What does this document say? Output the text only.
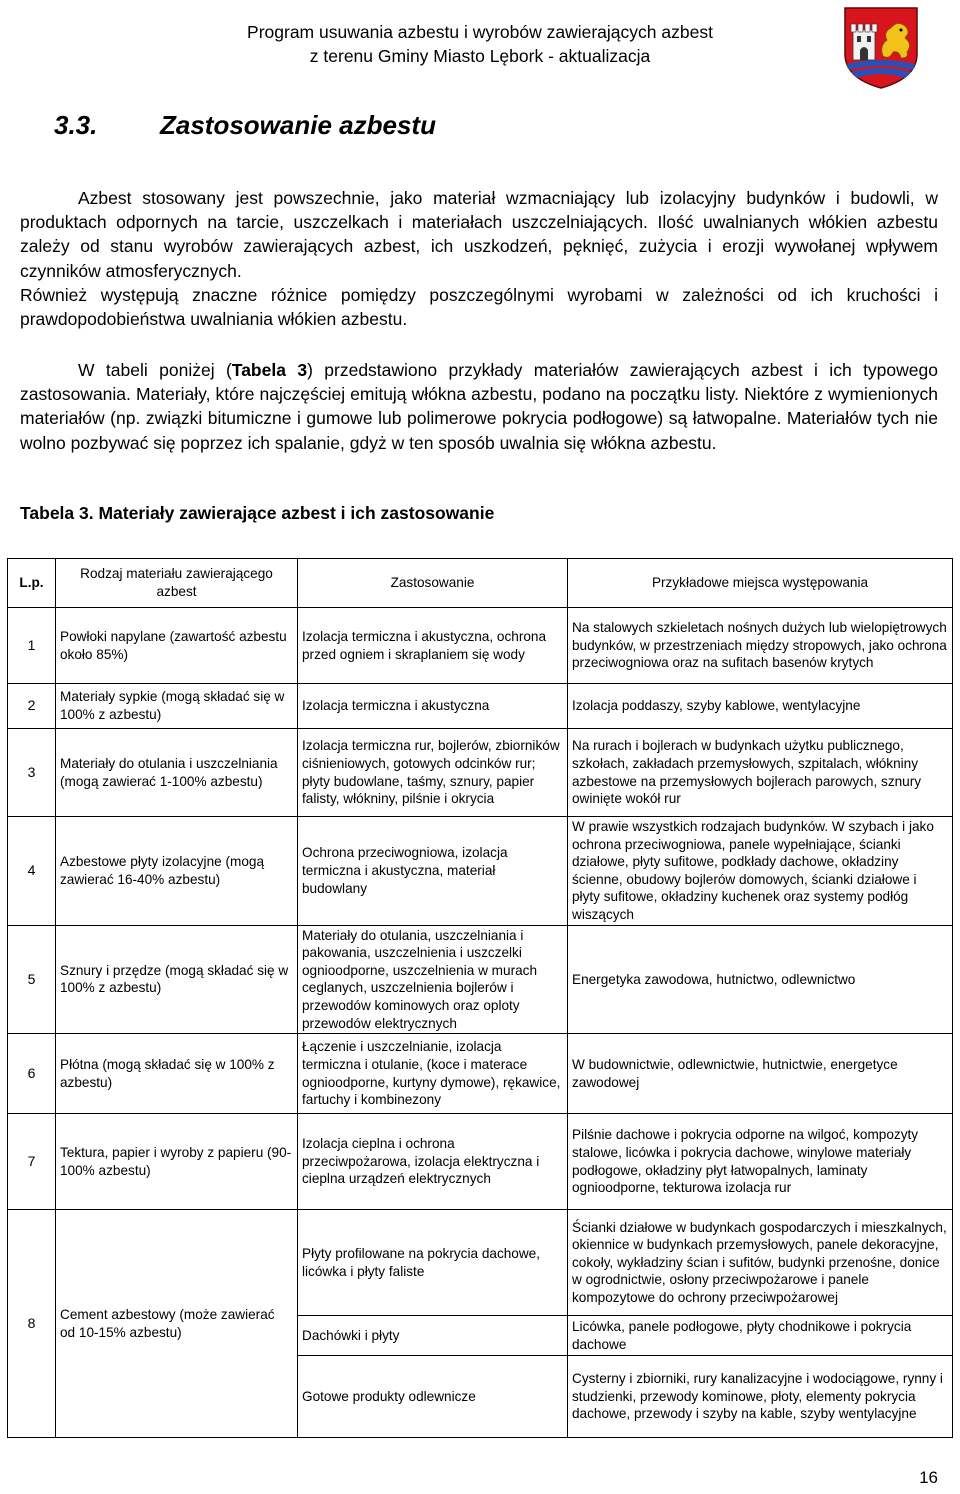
Program usuwania azbestu i wyrobów zawierających azbest
z terenu Gminy Miasto Lębork - aktualizacja
3.3. Zastosowanie azbestu

Azbest stosowany jest powszechnie, jako materiał wzmacniający lub izolacyjny budynków i budowli, w produktach odpornych na tarcie, uszczelkach i materiałach uszczelniających. Ilość uwalnianych włókien azbestu zależy od stanu wyrobów zawierających azbest, ich uszkodzeń, pęknięć, zużycia i erozji wywołanej wpływem czynników atmosferycznych.

Również występują znaczne różnice pomiędzy poszczególnymi wyrobami w zależności od ich kruchości i prawdopodobieństwa uwalniania włókien azbestu.

W tabeli poniżej (Tabela 3) przedstawiono przykłady materiałów zawierających azbest i ich typowego zastosowania. Materiały, które najczęściej emitują włókna azbestu, podano na początku listy. Niektóre z wymienionych materiałów (np. związki bitumiczne i gumowe lub polimerowe pokrycia podłogowe) są łatwopalne. Materiałów tych nie wolno pozbywać się poprzez ich spalanie, gdyż w ten sposób uwalnia się włókna azbestu.

Tabela 3. Materiały zawierające azbest i ich zastosowanie
L.p.	Rodzaj materiału zawierającego azbest	Zastosowanie	Przykładowe miejsca występowania
1	Powłoki napylane (zawartość azbestu około 85%)	Izolacja termiczna i akustyczna, ochrona przed ogniem i skraplaniem się wody	Na stalowych szkieletach nośnych dużych lub wielopiętrowych budynków, w przestrzeniach między stropowych, jako ochrona przeciwogniowa oraz na sufitach basenów krytych
2	Materiały sypkie (mogą składać się w 100% z azbestu)	Izolacja termiczna i akustyczna	Izolacja poddaszy, szyby kablowe, wentylacyjne
3	Materiały do otulania i uszczelniania (mogą zawierać 1-100% azbestu)	Izolacja termiczna rur, bojlerów, zbiorników ciśnieniowych, gotowych odcinków rur; płyty budowlane, taśmy, sznury, papier falisty, włókniny, pilśnie i okrycia	Na rurach i bojlerach w budynkach użytku publicznego, szkołach, zakładach przemysłowych, szpitalach, włókniny azbestowe na przemysłowych bojlerach parowych, sznury owinięte wokół rur
4	Azbestowe płyty izolacyjne (mogą zawierać 16-40% azbestu)	Ochrona przeciwogniowa, izolacja termiczna i akustyczna, materiał budowlany	W prawie wszystkich rodzajach budynków. W szybach i jako ochrona przeciwogniowa, panele wypełniające, ścianki działowe, płyty sufitowe, podkłady dachowe, okładziny ścienne, obudowy bojlerów domowych, ścianki działowe i płyty sufitowe, okładziny kuchenek oraz systemy podłóg wiszących
5	Sznury i przędze (mogą składać się w 100% z azbestu)	Materiały do otulania, uszczelniania i pakowania, uszczelnienia i uszczelki ognioodporne, uszczelnienia w murach ceglanych, uszczelnienia bojlerów i przewodów kominowych oraz oploty przewodów elektrycznych	Energetyka zawodowa, hutnictwo, odlewnictwo
6	Płótna (mogą składać się w 100% z azbestu)	Łączenie i uszczelnianie, izolacja termiczna i otulanie, (koce i materace ognioodporne, kurtyny dymowe), rękawice, fartuchy i kombinezony	W budownictwie, odlewnictwie, hutnictwie, energetyce zawodowej
7	Tektura, papier i wyroby z papieru (90-100% azbestu)	Izolacja cieplna i ochrona przeciwpożarowa, izolacja elektryczna i cieplna urządzeń elektrycznych	Pilśnie dachowe i pokrycia odporne na wilgoć, kompozyty stalowe, licówka i pokrycia dachowe, winylowe materiały podłogowe, okładziny płyt łatwopalnych, laminaty ognioodporne, tekturowa izolacja rur
8	Cement azbestowy (może zawierać od 10-15% azbestu)	Płyty profilowane na pokrycia dachowe, licówka i płyty faliste	Ścianki działowe w budynkach gospodarczych i mieszkalnych, okiennice w budynkach przemysłowych, panele dekoracyjne, cokoły, wykładziny ścian i sufitów, budynki przenośne, donice w ogrodnictwie, osłony przeciwpożarowe i panele kompozytowe do ochrony przeciwpożarowej
		Dachówki i płyty	Licówka, panele podłogowe, płyty chodnikowe i pokrycia dachowe
		Gotowe produkty odlewnicze	Cysterny i zbiorniki, rury kanalizacyjne i wodociągowe, rynny i studzienki, przewody kominowe, płoty, elementy pokrycia dachowe, przewody i szyby na kable, szyby wentylacyjne
16
